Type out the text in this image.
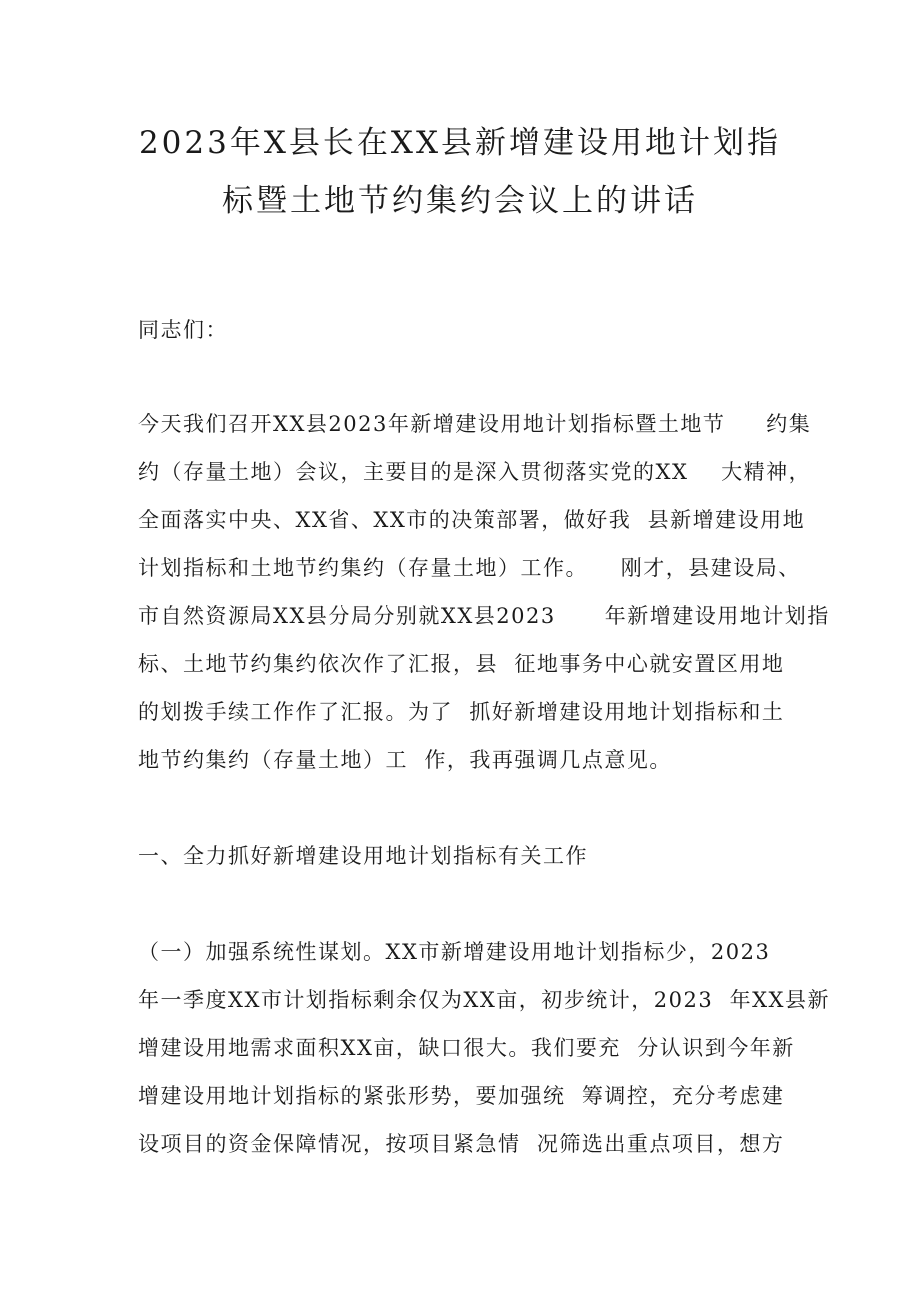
2023年X县长在XX县新增建设用地计划指
标暨土地节约集约会议上的讲话
同志们：
今天我们召开XX县2023年新增建设用地计划指标暨土地节     约集
约（存量土地）会议，主要目的是深入贯彻落实党的XX    大精神，
全面落实中央、XX省、XX市的决策部署，做好我  县新增建设用地
计划指标和土地节约集约（存量土地）工作。    刚才，县建设局、
市自然资源局XX县分局分别就XX县2023      年新增建设用地计划指
标、土地节约集约依次作了汇报，县  征地事务中心就安置区用地
的划拨手续工作作了汇报。为了  抓好新增建设用地计划指标和土
地节约集约（存量土地）工  作，我再强调几点意见。
一、全力抓好新增建设用地计划指标有关工作
（一）加强系统性谋划。XX市新增建设用地计划指标少，2023
年一季度XX市计划指标剩余仅为XX亩，初步统计，2023  年XX县新
增建设用地需求面积XX亩，缺口很大。我们要充  分认识到今年新
增建设用地计划指标的紧张形势，要加强统  筹调控，充分考虑建
设项目的资金保障情况，按项目紧急情  况筛选出重点项目，想方
